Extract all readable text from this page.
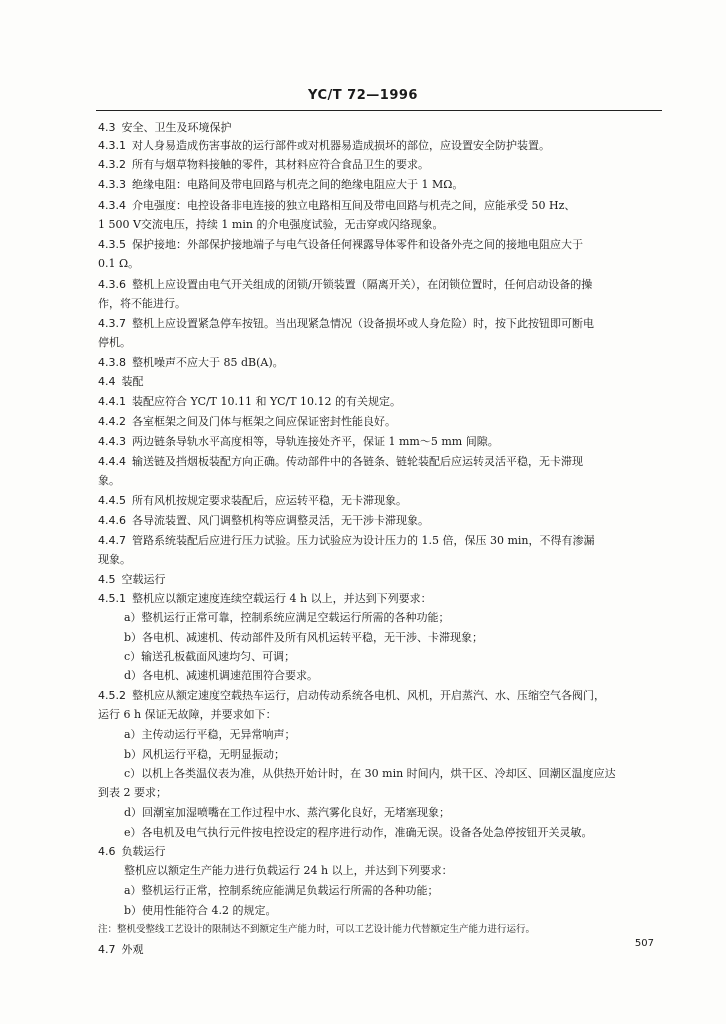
YC/T 72—1996
4.3 安全、卫生及环境保护
4.3.1 对人身易造成伤害事故的运行部件或对机器易造成损坏的部位，应设置安全防护装置。
4.3.2 所有与烟草物料接触的零件，其材料应符合食品卫生的要求。
4.3.3 绝缘电阻：电路间及带电回路与机壳之间的绝缘电阻应大于 1 MΩ。
4.3.4 介电强度：电控设备非电连接的独立电路相互间及带电回路与机壳之间，应能承受 50 Hz、
1 500 V交流电压，持续 1 min 的介电强度试验，无击穿或闪络现象。
4.3.5 保护接地：外部保护接地端子与电气设备任何裸露导体零件和设备外壳之间的接地电阻应大于
0.1 Ω。
4.3.6 整机上应设置由电气开关组成的闭锁/开锁装置（隔离开关），在闭锁位置时，任何启动设备的操
作，将不能进行。
4.3.7 整机上应设置紧急停车按钮。当出现紧急情况（设备损坏或人身危险）时，按下此按钮即可断电
停机。
4.3.8 整机噪声不应大于 85 dB(A)。
4.4 装配
4.4.1 装配应符合 YC/T 10.11 和 YC/T 10.12 的有关规定。
4.4.2 各室框架之间及门体与框架之间应保证密封性能良好。
4.4.3 两边链条导轨水平高度相等，导轨连接处齐平，保证 1 mm～5 mm 间隙。
4.4.4 输送链及挡烟板装配方向正确。传动部件中的各链条、链轮装配后应运转灵活平稳，无卡滞现
象。
4.4.5 所有风机按规定要求装配后，应运转平稳，无卡滞现象。
4.4.6 各导流装置、风门调整机构等应调整灵活，无干涉卡滞现象。
4.4.7 管路系统装配后应进行压力试验。压力试验应为设计压力的 1.5 倍，保压 30 min，不得有渗漏
现象。
4.5 空载运行
4.5.1 整机应以额定速度连续空载运行 4 h 以上，并达到下列要求：
a）整机运行正常可靠，控制系统应满足空载运行所需的各种功能；
b）各电机、减速机、传动部件及所有风机运转平稳，无干涉、卡滞现象；
c）输送孔板截面风速均匀、可调；
d）各电机、减速机调速范围符合要求。
4.5.2 整机应从额定速度空载热车运行，启动传动系统各电机、风机，开启蒸汽、水、压缩空气各阀门，
运行 6 h 保证无故障，并要求如下：
a）主传动运行平稳，无异常响声；
b）风机运行平稳，无明显振动；
c）以机上各类温仪表为准，从供热开始计时，在 30 min 时间内，烘干区、冷却区、回潮区温度应达
到表 2 要求；
d）回潮室加湿喷嘴在工作过程中水、蒸汽雾化良好，无堵塞现象；
e）各电机及电气执行元件按电控设定的程序进行动作，准确无误。设备各处急停按钮开关灵敏。
4.6 负载运行
整机应以额定生产能力进行负载运行 24 h 以上，并达到下列要求：
a）整机运行正常，控制系统应能满足负载运行所需的各种功能；
b）使用性能符合 4.2 的规定。
注：整机受整线工艺设计的限制达不到额定生产能力时，可以工艺设计能力代替额定生产能力进行运行。
4.7 外观	507
